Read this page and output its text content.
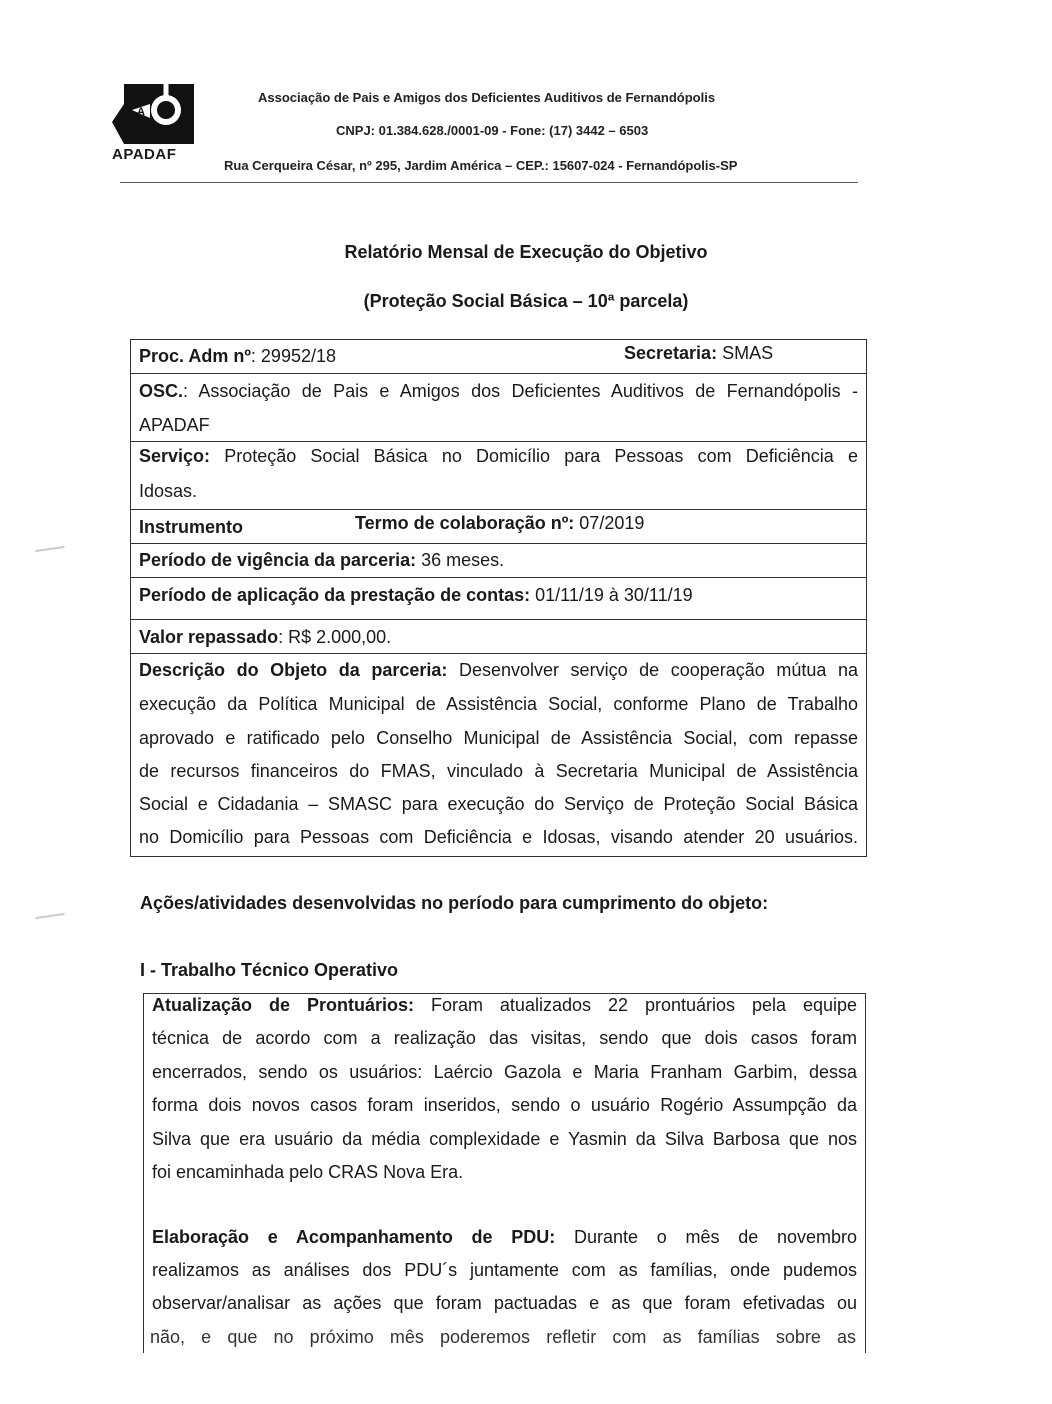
A
APADAF
Associação de Pais e Amigos dos Deficientes Auditivos de Fernandópolis
CNPJ: 01.384.628./0001-09 - Fone: (17) 3442 – 6503
Rua Cerqueira César, nº 295, Jardim América – CEP.: 15607-024 - Fernandópolis-SP
Relatório Mensal de Execução do Objetivo
(Proteção Social Básica – 10ª parcela)
Proc. Adm nº: 29952/18	Secretaria: SMAS
OSC.: Associação de Pais e Amigos dos Deficientes Auditivos de Fernandópolis -
APADAF
Serviço: Proteção Social Básica no Domicílio para Pessoas com Deficiência e
Idosas.
Instrumento	Termo de colaboração nº: 07/2019
Período de vigência da parceria: 36 meses.
Período de aplicação da prestação de contas: 01/11/19 à 30/11/19
Valor repassado: R$ 2.000,00.
Descrição do Objeto da parceria: Desenvolver serviço de cooperação mútua na
execução da Política Municipal de Assistência Social, conforme Plano de Trabalho
aprovado e ratificado pelo Conselho Municipal de Assistência Social, com repasse
de recursos financeiros do FMAS, vinculado à Secretaria Municipal de Assistência
Social e Cidadania – SMASC para execução do Serviço de Proteção Social Básica
no Domicílio para Pessoas com Deficiência e Idosas, visando atender 20 usuários.
Ações/atividades desenvolvidas no período para cumprimento do objeto:
I - Trabalho Técnico Operativo
Atualização de Prontuários: Foram atualizados 22 prontuários pela equipe
técnica de acordo com a realização das visitas, sendo que dois casos foram
encerrados, sendo os usuários: Laércio Gazola e Maria Franham Garbim, dessa
forma dois novos casos foram inseridos, sendo o usuário Rogério Assumpção da
Silva que era usuário da média complexidade e Yasmin da Silva Barbosa que nos
foi encaminhada pelo CRAS Nova Era.
Elaboração e Acompanhamento de PDU: Durante o mês de novembro
realizamos as análises dos PDU´s juntamente com as famílias, onde pudemos
observar/analisar as ações que foram pactuadas e as que foram efetivadas ou
não, e que no próximo mês poderemos refletir com as famílias sobre as
